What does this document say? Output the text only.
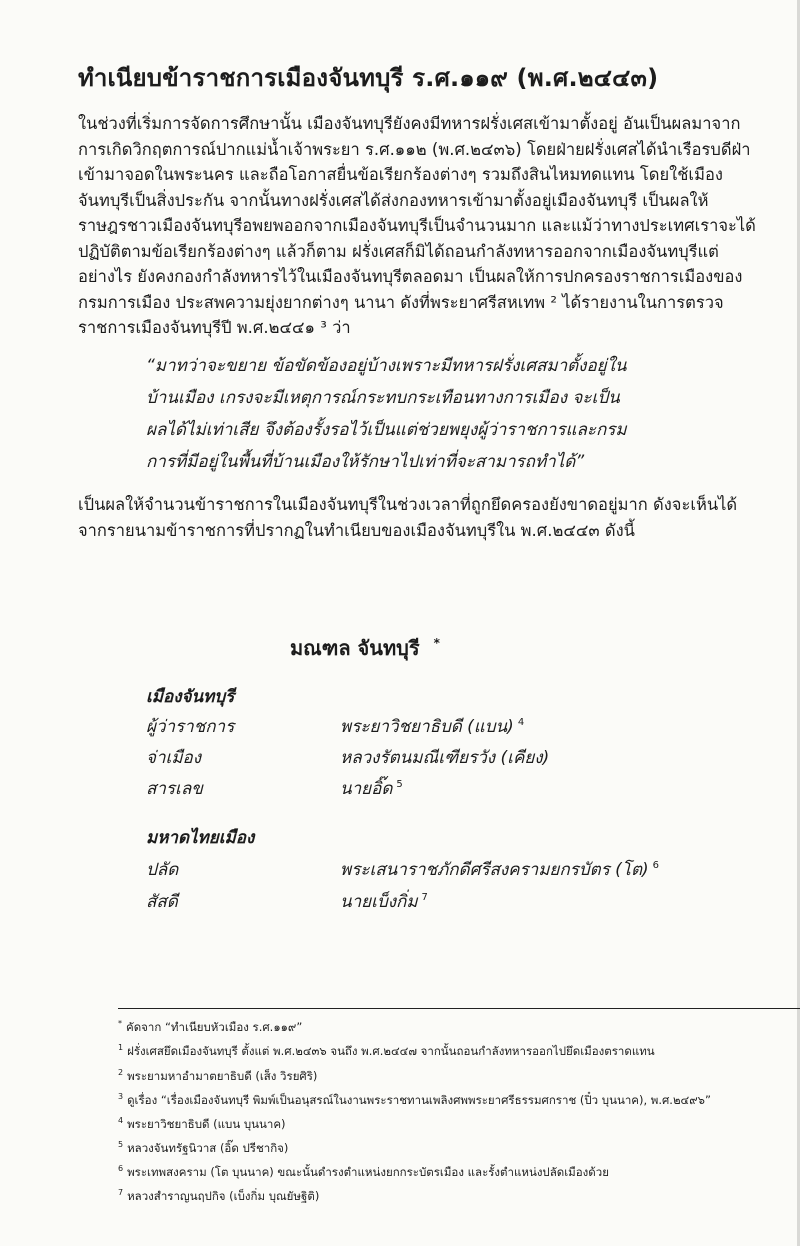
ทำเนียบข้าราชการเมืองจันทบุรี ร.ศ.๑๑๙ (พ.ศ.๒๔๔๓)

ในช่วงที่เริ่มการจัดการศึกษานั้น เมืองจันทบุรียังคงมีทหารฝรั่งเศสเข้ามาตั้งอยู่ อันเป็นผลมาจาก
การเกิดวิกฤตการณ์ปากแม่น้ำเจ้าพระยา ร.ศ.๑๑๒ (พ.ศ.๒๔๓๖) โดยฝ่ายฝรั่งเศสได้นำเรือรบดีฝ่า
เข้ามาจอดในพระนคร และถือโอกาสยื่นข้อเรียกร้องต่างๆ รวมถึงสินไหมทดแทน โดยใช้เมือง
จันทบุรีเป็นสิ่งประกัน จากนั้นทางฝรั่งเศสได้ส่งกองทหารเข้ามาตั้งอยู่เมืองจันทบุรี เป็นผลให้
ราษฎรชาวเมืองจันทบุรีอพยพออกจากเมืองจันทบุรีเป็นจำนวนมาก และแม้ว่าทางประเทศเราจะได้
ปฏิบัติตามข้อเรียกร้องต่างๆ แล้วก็ตาม ฝรั่งเศสก็มิได้ถอนกำลังทหารออกจากเมืองจันทบุรีแต่
อย่างไร ยังคงกองกำลังทหารไว้ในเมืองจันทบุรีตลอดมา เป็นผลให้การปกครองราชการเมืองของ
กรมการเมือง ประสพความยุ่งยากต่างๆ นานา ดังที่พระยาศรีสหเทพ ² ได้รายงานในการตรวจ
ราชการเมืองจันทบุรีปี พ.ศ.๒๔๔๑ ³ ว่า

“มาทว่าจะขยาย ข้อขัดข้องอยู่บ้างเพราะมีทหารฝรั่งเศสมาตั้งอยู่ใน
บ้านเมือง เกรงจะมีเหตุการณ์กระทบกระเทือนทางการเมือง จะเป็น
ผลได้ไม่เท่าเสีย จึงต้องรั้งรอไว้เป็นแต่ช่วยพยุงผู้ว่าราชการและกรม
การที่มีอยู่ในพื้นที่บ้านเมืองให้รักษาไปเท่าที่จะสามารถทำได้”

เป็นผลให้จำนวนข้าราชการในเมืองจันทบุรีในช่วงเวลาที่ถูกยึดครองยังขาดอยู่มาก ดังจะเห็นได้
จากรายนามข้าราชการที่ปรากฏในทำเนียบของเมืองจันทบุรีใน พ.ศ.๒๔๔๓ ดังนี้

มณฑล จันทบุรี *
เมืองจันทบุรี
ผู้ว่าราชการ	พระยาวิชยาธิบดี (แบน) $^4$
จ่าเมือง	หลวงรัตนมณีเฑียรวัง (เคียง)
สารเลข	นายอิ๊ด $^5$
มหาดไทยเมือง
ปลัด	พระเสนาราชภักดีศรีสงครามยกรบัตร (โต) $^6$
สัสดี	นายเบ็งกิ่ม $^7$
* คัดจาก “ทำเนียบหัวเมือง ร.ศ.๑๑๙”
$^1$ ฝรั่งเศสยึดเมืองจันทบุรี ตั้งแต่ พ.ศ.๒๔๓๖ จนถึง พ.ศ.๒๔๔๗ จากนั้นถอนกำลังทหารออกไปยึดเมืองตราดแทน
$^2$ พระยามหาอำมาตยาธิบดี (เส็ง วิรยศิริ)
$^3$ ดูเรื่อง “เรื่องเมืองจันทบุรี พิมพ์เป็นอนุสรณ์ในงานพระราชทานเพลิงศพพระยาศรีธรรมศกราช (ปิ๋ว บุนนาค), พ.ศ.๒๔๙๖”
$^4$ พระยาวิชยาธิบดี (แบน บุนนาค)
$^5$ หลวงจันทรัฐนิวาส (อิ๊ด ปรีชากิจ)
$^6$ พระเทพสงคราม (โต บุนนาค) ขณะนั้นดำรงตำแหน่งยกกระบัตรเมือง และรั้งตำแหน่งปลัดเมืองด้วย
$^7$ หลวงสำราญนฤปกิจ (เบ็งกิ่ม บุณยัษฐิติ)
